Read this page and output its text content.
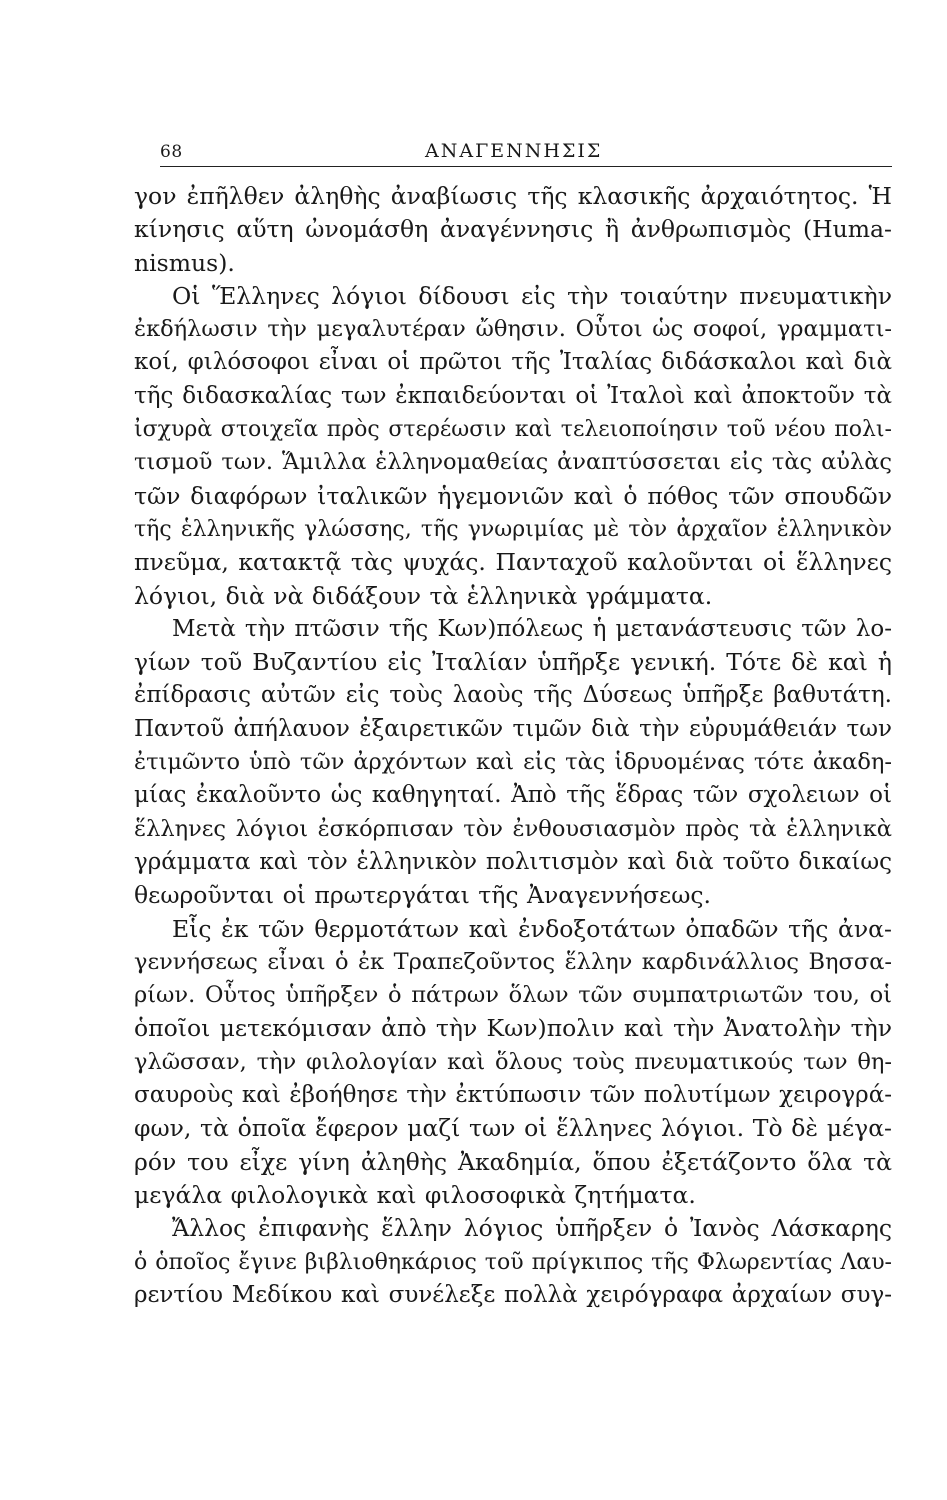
68	ΑΝΑΓΕΝΝΗΣΙΣ
γον ἐπῆλθεν ἀληθὴς ἀναβίωσις τῆς κλασικῆς ἀρχαιότητος. Ἡ
κίνησις αὕτη ὠνομάσθη ἀναγέννησις ἢ ἀνθρωπισμὸς (Huma-
nismus).
Οἱ Ἕλληνες λόγιοι δίδουσι εἰς τὴν τοιαύτην πνευματικὴν
ἐκδήλωσιν τὴν μεγαλυτέραν ὤθησιν. Οὗτοι ὡς σοφοί, γραμματι-
κοί, φιλόσοφοι εἶναι οἱ πρῶτοι τῆς Ἰταλίας διδάσκαλοι καὶ διὰ
τῆς διδασκαλίας των ἐκπαιδεύονται οἱ Ἰταλοὶ καὶ ἀποκτοῦν τὰ
ἰσχυρὰ στοιχεῖα πρὸς στερέωσιν καὶ τελειοποίησιν τοῦ νέου πολι-
τισμοῦ των. Ἅμιλλα ἑλληνομαθείας ἀναπτύσσεται εἰς τὰς αὐλὰς
τῶν διαφόρων ἰταλικῶν ἡγεμονιῶν καὶ ὁ πόθος τῶν σπουδῶν
τῆς ἑλληνικῆς γλώσσης, τῆς γνωριμίας μὲ τὸν ἀρχαῖον ἑλληνικὸν
πνεῦμα, κατακτᾷ τὰς ψυχάς. Πανταχοῦ καλοῦνται οἱ ἕλληνες
λόγιοι, διὰ νὰ διδάξουν τὰ ἑλληνικὰ γράμματα.
Μετὰ τὴν πτῶσιν τῆς Κων)πόλεως ἡ μετανάστευσις τῶν λο-
γίων τοῦ Βυζαντίου εἰς Ἰταλίαν ὑπῆρξε γενική. Τότε δὲ καὶ ἡ
ἐπίδρασις αὐτῶν εἰς τοὺς λαοὺς τῆς Δύσεως ὑπῆρξε βαθυτάτη.
Παντοῦ ἀπήλαυον ἐξαιρετικῶν τιμῶν διὰ τὴν εὐρυμάθειάν των
ἐτιμῶντο ὑπὸ τῶν ἀρχόντων καὶ εἰς τὰς ἱδρυομένας τότε ἀκαδη-
μίας ἐκαλοῦντο ὡς καθηγηταί. Ἀπὸ τῆς ἕδρας τῶν σχολειων οἱ
ἕλληνες λόγιοι ἐσκόρπισαν τὸν ἐνθουσιασμὸν πρὸς τὰ ἑλληνικὰ
γράμματα καὶ τὸν ἑλληνικὸν πολιτισμὸν καὶ διὰ τοῦτο δικαίως
θεωροῦνται οἱ πρωτεργάται τῆς Ἀναγεννήσεως.
Εἷς ἐκ τῶν θερμοτάτων καὶ ἐνδοξοτάτων ὀπαδῶν τῆς ἀνα-
γεννήσεως εἶναι ὁ ἐκ Τραπεζοῦντος ἕλλην καρδινάλλιος Βησσα-
ρίων. Οὗτος ὑπῆρξεν ὁ πάτρων ὅλων τῶν συμπατριωτῶν του, οἱ
ὁποῖοι μετεκόμισαν ἀπὸ τὴν Κων)πολιν καὶ τὴν Ἀνατολὴν τὴν
γλῶσσαν, τὴν φιλολογίαν καὶ ὅλους τοὺς πνευματικούς των θη-
σαυροὺς καὶ ἐβοήθησε τὴν ἐκτύπωσιν τῶν πολυτίμων χειρογρά-
φων, τὰ ὁποῖα ἔφερον μαζί των οἱ ἕλληνες λόγιοι. Τὸ δὲ μέγα-
ρόν του εἶχε γίνη ἀληθὴς Ἀκαδημία, ὅπου ἐξετάζοντο ὅλα τὰ
μεγάλα φιλολογικὰ καὶ φιλοσοφικὰ ζητήματα.
Ἄλλος ἐπιφανὴς ἕλλην λόγιος ὑπῆρξεν ὁ Ἰανὸς Λάσκαρης
ὁ ὁποῖος ἔγινε βιβλιοθηκάριος τοῦ πρίγκιπος τῆς Φλωρεντίας Λαυ-
ρεντίου Μεδίκου καὶ συνέλεξε πολλὰ χειρόγραφα ἀρχαίων συγ-
